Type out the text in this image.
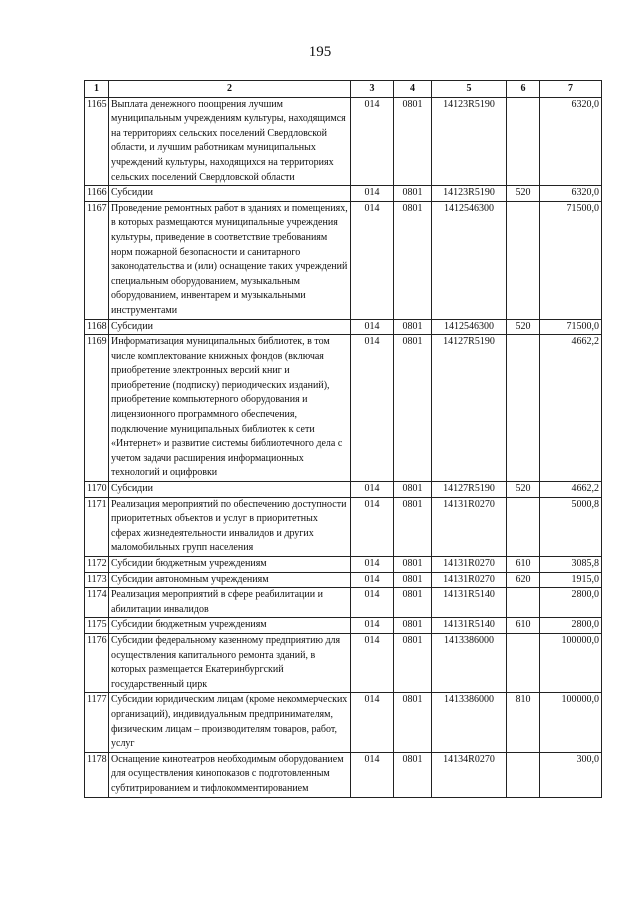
195
1	2	3	4	5	6	7
1165	Выплата денежного поощрения лучшим муниципальным учреждениям культуры, находящимся на территориях сельских поселений Свердловской области, и лучшим работникам муниципальных учреждений культуры, находящихся на территориях сельских поселений Свердловской области	014	0801	14123R5190		6320,0
1166	Субсидии	014	0801	14123R5190	520	6320,0
1167	Проведение ремонтных работ в зданиях и помещениях, в которых размещаются муниципальные учреждения культуры, приведение в соответствие требованиям норм пожарной безопасности и санитарного законодательства и (или) оснащение таких учреждений специальным оборудованием, музыкальным оборудованием, инвентарем и музыкальными инструментами	014	0801	1412546300		71500,0
1168	Субсидии	014	0801	1412546300	520	71500,0
1169	Информатизация муниципальных библиотек, в том числе комплектование книжных фондов (включая приобретение электронных версий книг и приобретение (подписку) периодических изданий), приобретение компьютерного оборудования и лицензионного программного обеспечения, подключение муниципальных библиотек к сети «Интернет» и развитие системы библиотечного дела с учетом задачи расширения информационных технологий и оцифровки	014	0801	14127R5190		4662,2
1170	Субсидии	014	0801	14127R5190	520	4662,2
1171	Реализация мероприятий по обеспечению доступности приоритетных объектов и услуг в приоритетных сферах жизнедеятельности инвалидов и других маломобильных групп населения	014	0801	14131R0270		5000,8
1172	Субсидии бюджетным учреждениям	014	0801	14131R0270	610	3085,8
1173	Субсидии автономным учреждениям	014	0801	14131R0270	620	1915,0
1174	Реализация мероприятий в сфере реабилитации и абилитации инвалидов	014	0801	14131R5140		2800,0
1175	Субсидии бюджетным учреждениям	014	0801	14131R5140	610	2800,0
1176	Субсидии федеральному казенному предприятию для осуществления капитального ремонта зданий, в которых размещается Екатеринбургский государственный цирк	014	0801	1413386000		100000,0
1177	Субсидии юридическим лицам (кроме некоммерческих организаций), индивидуальным предпринимателям, физическим лицам – производителям товаров, работ, услуг	014	0801	1413386000	810	100000,0
1178	Оснащение кинотеатров необходимым оборудованием для осуществления кинопоказов с подготовленным субтитрированием и тифлокомментированием	014	0801	14134R0270		300,0
